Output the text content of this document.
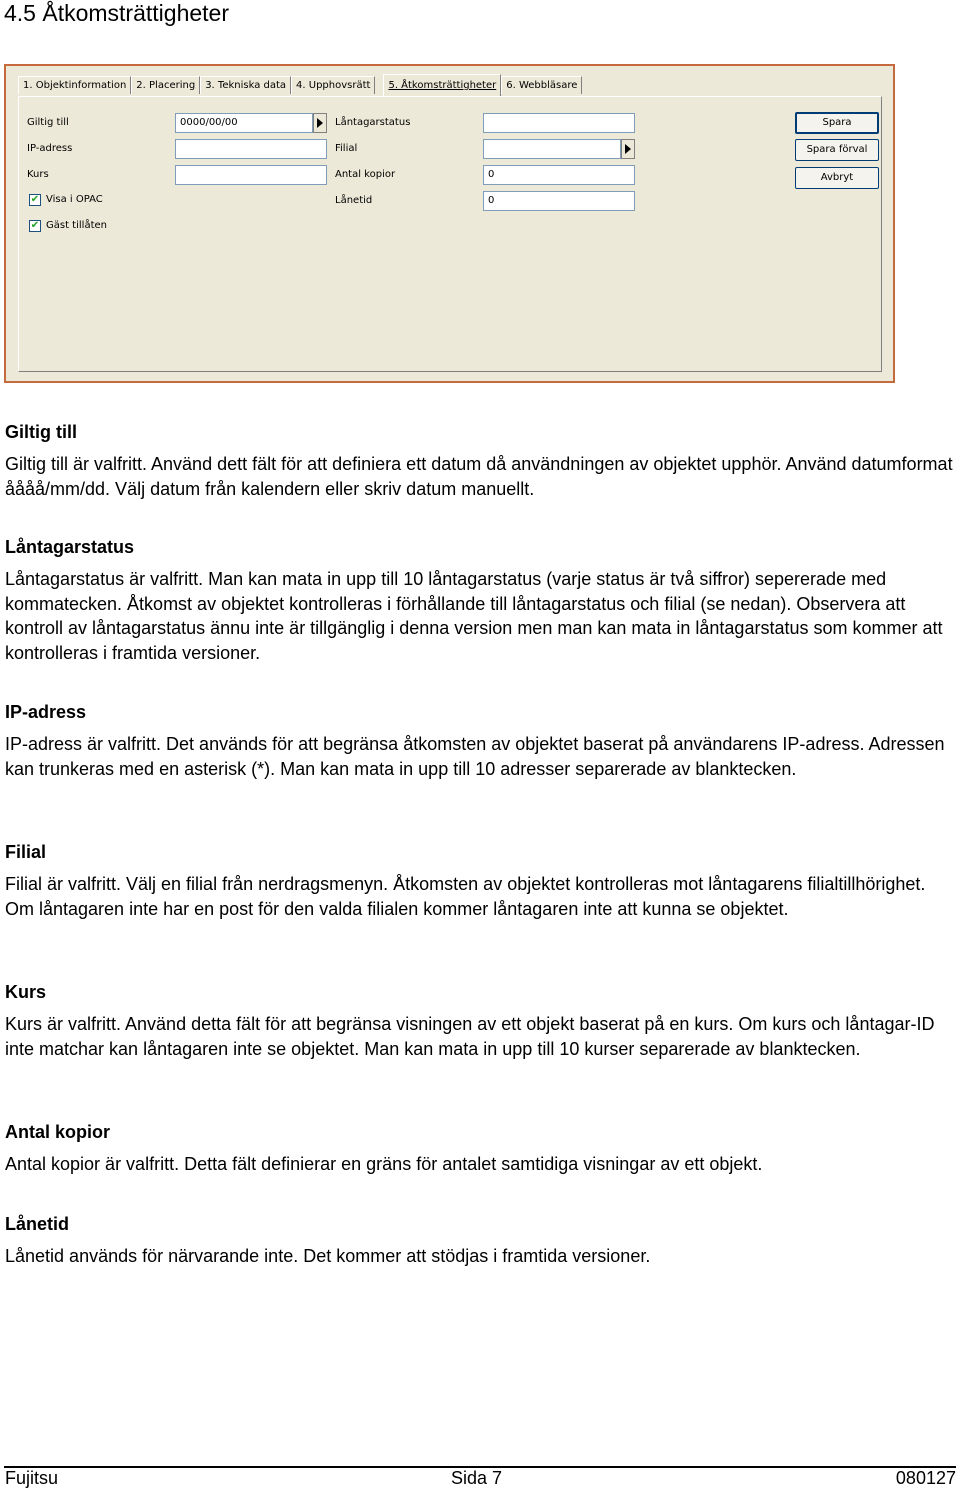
4.5 Åtkomsträttigheter
1. Objektinformation	2. Placering	3. Tekniska data	4. Upphovsrätt	5. Åtkomsträttigheter	6. Webbläsare
Giltig till	0000/00/00
IP-adress
Kurs
✔ Visa i OPAC
✔ Gäst tillåten
Låntagarstatus
Filial
Antal kopior	0
Lånetid	0
Spara
Spara förval
Avbryt
Giltig till

Giltig till är valfritt. Använd dett fält för att definiera ett datum då användningen av objektet upphör. Använd datumformat åååå/mm/dd. Välj datum från kalendern eller skriv datum manuellt.

Låntagarstatus

Låntagarstatus är valfritt. Man kan mata in upp till 10 låntagarstatus (varje status är två siffror) sepererade med kommatecken. Åtkomst av objektet kontrolleras i förhållande till låntagarstatus och filial (se nedan). Observera att kontroll av låntagarstatus ännu inte är tillgänglig i denna version men man kan mata in låntagarstatus som kommer att kontrolleras i framtida versioner.

IP-adress

IP-adress är valfritt. Det används för att begränsa åtkomsten av objektet baserat på användarens IP-adress. Adressen kan trunkeras med en asterisk (*). Man kan mata in upp till 10 adresser separerade av blanktecken.

Filial

Filial är valfritt. Välj en filial från nerdragsmenyn. Åtkomsten av objektet kontrolleras mot låntagarens filialtillhörighet. Om låntagaren inte har en post för den valda filialen kommer låntagaren inte att kunna se objektet.

Kurs

Kurs är valfritt. Använd detta fält för att begränsa visningen av ett objekt baserat på en kurs. Om kurs och låntagar-ID inte matchar kan låntagaren inte se objektet. Man kan mata in upp till 10 kurser separerade av blanktecken.

Antal kopior

Antal kopior är valfritt. Detta fält definierar en gräns för antalet samtidiga visningar av ett objekt.

Lånetid

Lånetid används för närvarande inte. Det kommer att stödjas i framtida versioner.

Fujitsu	Sida 7	080127
